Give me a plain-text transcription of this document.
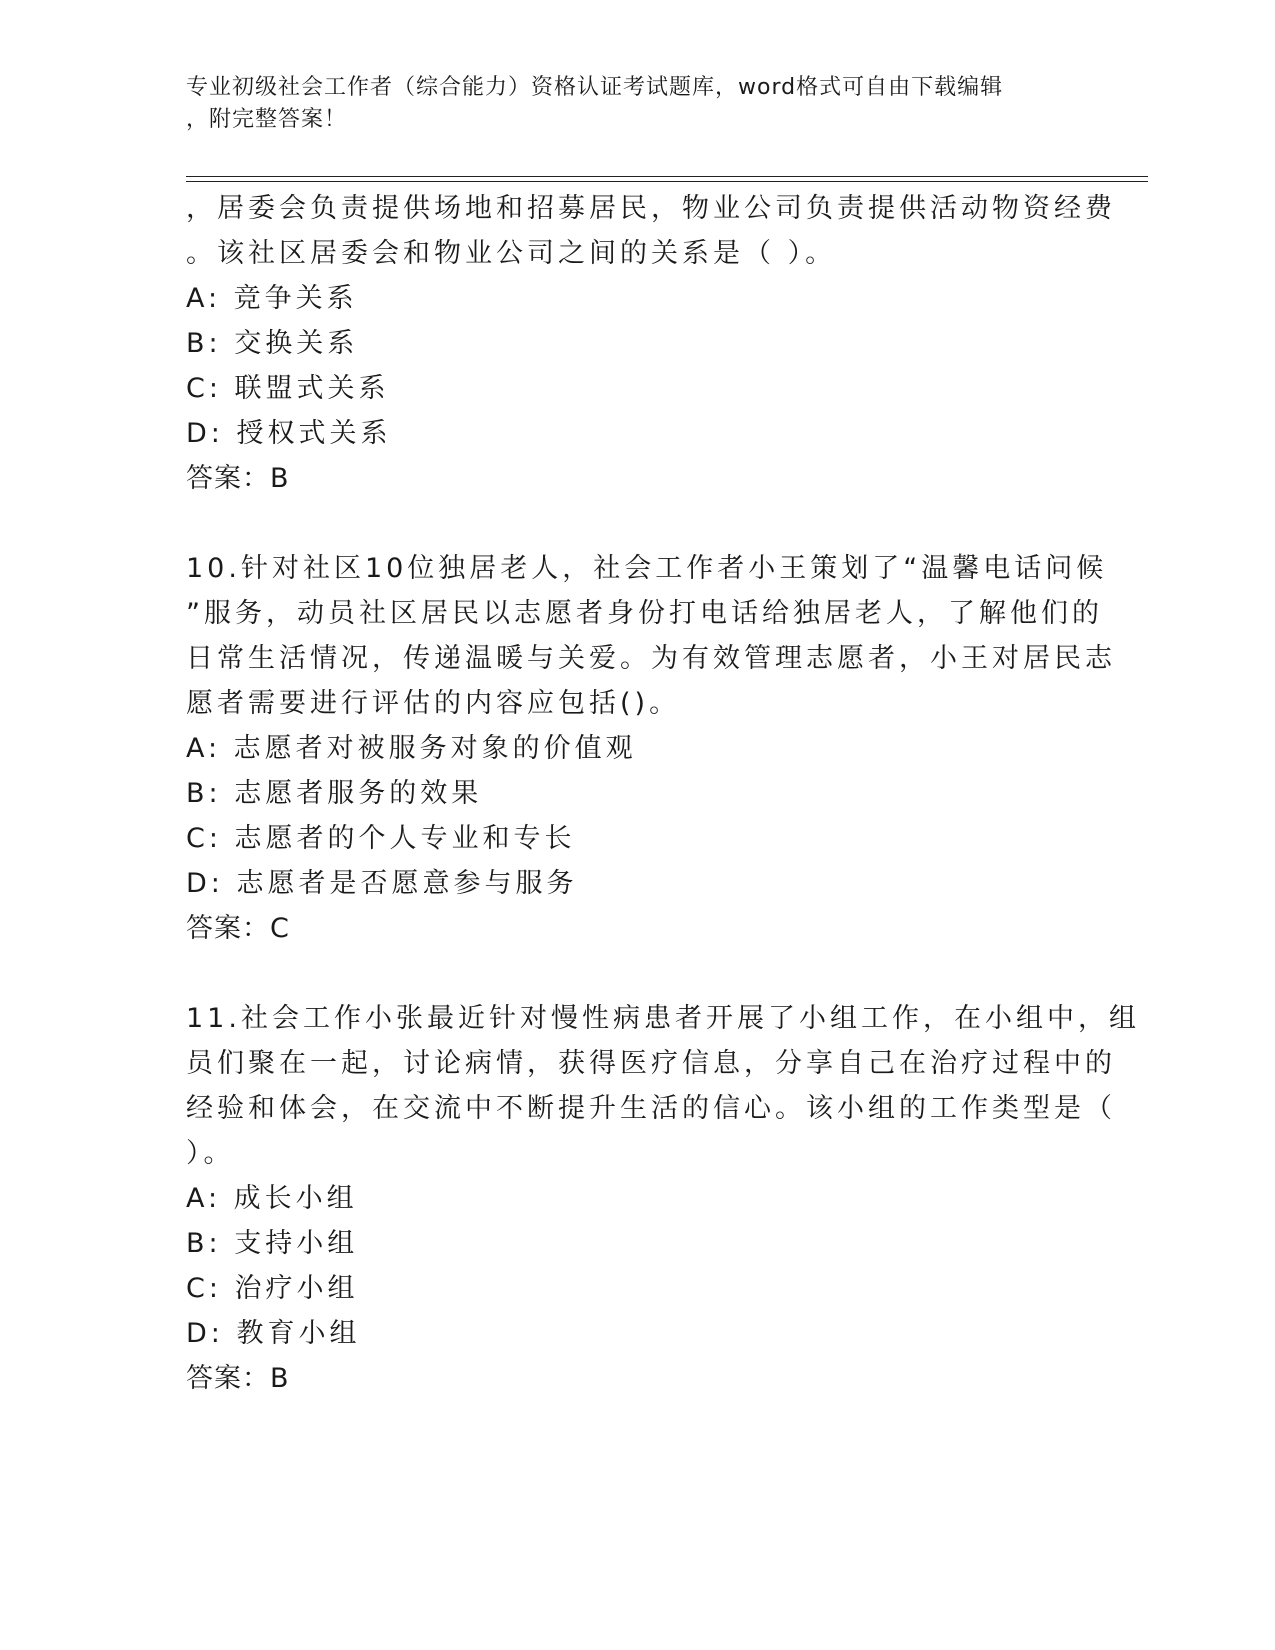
专业初级社会工作者（综合能力）资格认证考试题库，word格式可自由下载编辑
，附完整答案！
，居委会负责提供场地和招募居民，物业公司负责提供活动物资经费
。该社区居委会和物业公司之间的关系是（ ）。
A: 竞争关系
B: 交换关系
C: 联盟式关系
D: 授权式关系
答案：B
10.针对社区10位独居老人，社会工作者小王策划了“温馨电话问候
”服务，动员社区居民以志愿者身份打电话给独居老人，了解他们的
日常生活情况，传递温暖与关爱。为有效管理志愿者，小王对居民志
愿者需要进行评估的内容应包括()。
A: 志愿者对被服务对象的价值观
B: 志愿者服务的效果
C: 志愿者的个人专业和专长
D: 志愿者是否愿意参与服务
答案：C
11.社会工作小张最近针对慢性病患者开展了小组工作，在小组中，组
员们聚在一起，讨论病情，获得医疗信息，分享自己在治疗过程中的
经验和体会，在交流中不断提升生活的信心。该小组的工作类型是（
）。
A: 成长小组
B: 支持小组
C: 治疗小组
D: 教育小组
答案：B
